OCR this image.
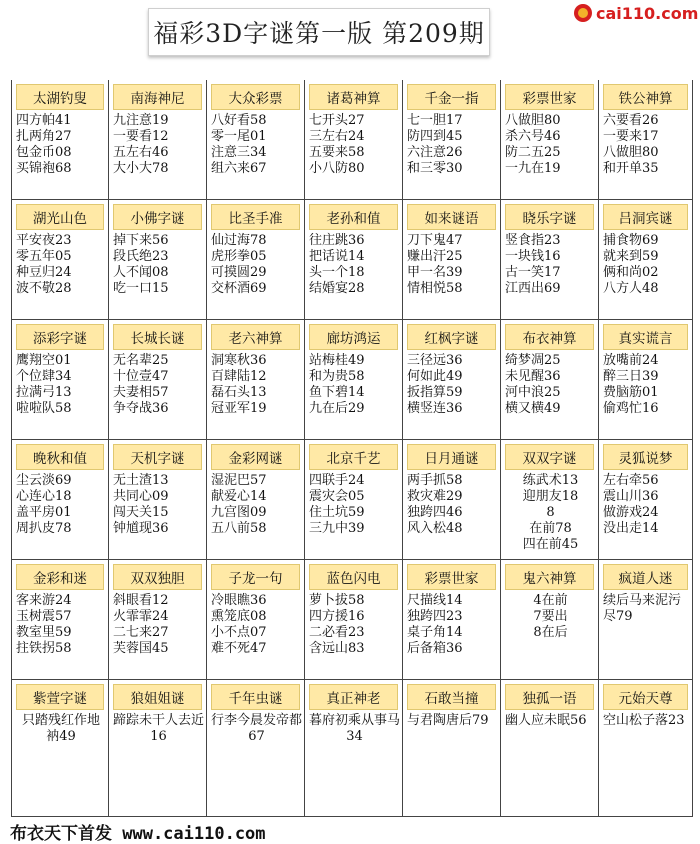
福彩3D字谜第一版 第209期
cai110.com
太湖钓叟
四方帕41
扎两角27
包金币08
买锦袍68
南海神尼
九注意19
一要看12
五左右46
大小大78
大众彩票
八好看58
零一尾01
注意三34
组六来67
诸葛神算
七开头27
三左右24
五要来58
小八防80
千金一指
七一胆17
防四到45
六注意26
和三零30
彩票世家
八做胆80
杀六号46
防二五25
一九在19
铁公神算
六要看26
一要来17
八做胆80
和开单35
湖光山色
平安夜23
零五年05
种豆归24
波不敬28
小佛字谜
掉下来56
段氏绝23
人不闻08
吃一口15
比圣手准
仙过海78
虎形拳05
可摸圆29
交杯酒69
老孙和值
往庄跳36
把话说14
头一个18
结婚宴28
如来谜语
刀下鬼47
赚出汗25
甲一名39
情相悦58
晓乐字谜
竖食指23
一块钱16
古一笑17
江西出69
吕洞宾谜
捕食物69
就来到59
俩和尚02
八方人48
添彩字谜
鹰翔空01
个位肆34
拉满弓13
啦啦队58
长城长谜
无名辈25
十位壹47
夫妻相57
争夺战36
老六神算
洞寒秋36
百肆陆12
磊石头13
冠亚军19
廊坊鸿运
站梅桂49
和为贵58
鱼下碧14
九在后29
红枫字谜
三径远36
何如此49
扳指算59
横竖连36
布衣神算
绮梦凋25
未见醒36
河中浪25
横又横49
真实谎言
放嘴前24
醉三日39
费脑筋01
偷鸡忙16
晚秋和值
尘云淡69
心连心18
盖平房01
周扒皮78
天机字谜
无土渣13
共同心09
闯天关15
钟馗现36
金彩网谜
湿泥巴57
献爱心14
九宫图09
五八前58
北京千艺
四联手24
震灾会05
住土坑59
三九中39
日月通谜
两手抓58
救灾难29
独跨四46
风入松48
双双字谜
练武术13
迎朋友18
8
在前78
四在前45
灵狐说梦
左右牵56
震山川36
做游戏24
没出走14
金彩和迷
客来游24
玉树震57
教室里59
拄铁拐58
双双独胆
斜眼看12
火霏霏24
二七来27
芙蓉国45
子龙一句
冷眼瞧36
熏笼底08
小不点07
难不死47
蓝色闪电
萝卜拔58
四方援16
二必看23
含远山83
彩票世家
尺描线14
独跨四23
桌子角14
后备箱36
鬼六神算
4在前
7要出
8在后
疯道人迷
续后马来泥污尽79
紫萱字谜
只踏残红作地衲49
狼姐姐谜
蹄踪未干人去近16
千年虫谜
行李今晨发帝都67
真正神老
暮府初乘从事马34
石敢当撞
与君陶唐后79
独孤一语
幽人应未眠56
元始天尊
空山松子落23
布衣天下首发 www.cai110.com
